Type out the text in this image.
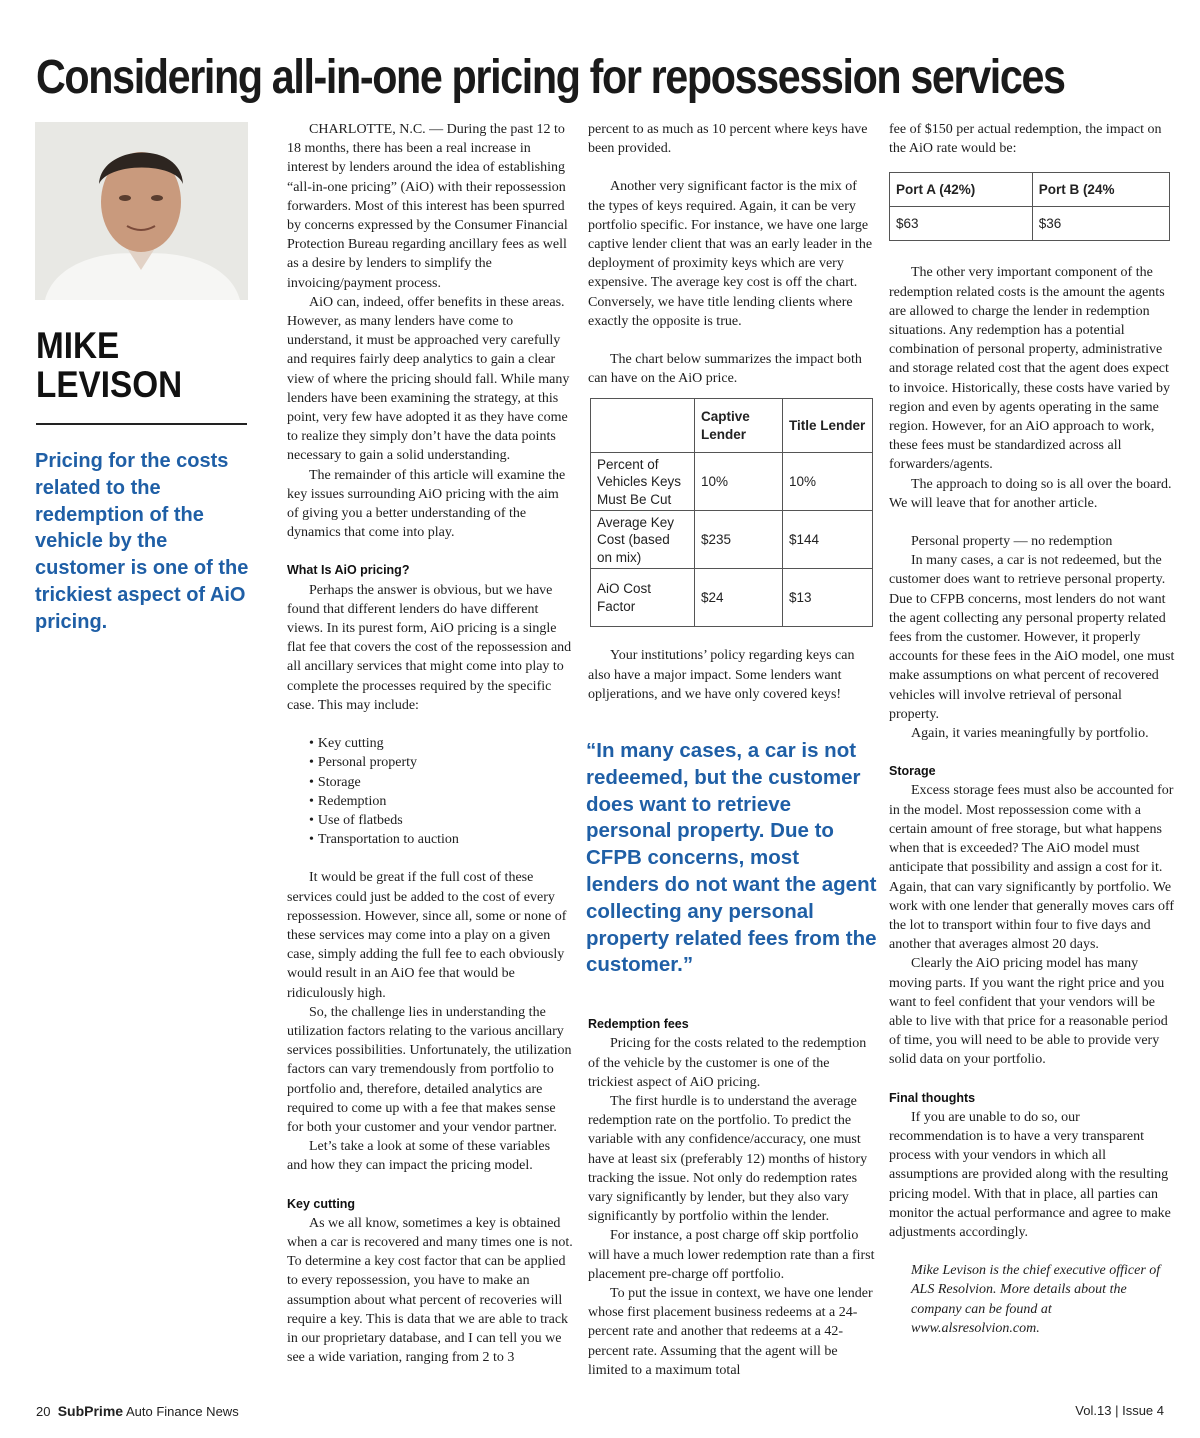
Considering all-in-one pricing for repossession services
MIKE
LEVISON

Pricing for the costs related to the redemption of the vehicle by the customer is one of the trickiest aspect of AiO pricing.

CHARLOTTE, N.C. — During the past 12 to 18 months, there has been a real increase in interest by lenders around the idea of establishing “all-in-one pricing” (AiO) with their repossession forwarders. Most of this interest has been spurred by concerns expressed by the Consumer Financial Protection Bureau regarding ancillary fees as well as a desire by lenders to simplify the invoicing/payment process.

AiO can, indeed, offer benefits in these areas. However, as many lenders have come to understand, it must be approached very carefully and requires fairly deep analytics to gain a clear view of where the pricing should fall. While many lenders have been examining the strategy, at this point, very few have adopted it as they have come to realize they simply don’t have the data points necessary to gain a solid understanding.

The remainder of this article will examine the key issues surrounding AiO pricing with the aim of giving you a better understanding of the dynamics that come into play.

What Is AiO pricing?

Perhaps the answer is obvious, but we have found that different lenders do have different views. In its purest form, AiO pricing is a single flat fee that covers the cost of the repossession and all ancillary services that might come into play to complete the processes required by the specific case. This may include:

• Key cutting
• Personal property
• Storage
• Redemption
• Use of flatbeds
• Transportation to auction

It would be great if the full cost of these services could just be added to the cost of every repossession. However, since all, some or none of these services may come into a play on a given case, simply adding the full fee to each obviously would result in an AiO fee that would be ridiculously high.

So, the challenge lies in understanding the utilization factors relating to the various ancillary services possibilities. Unfortunately, the utilization factors can vary tremendously from portfolio to portfolio and, therefore, detailed analytics are required to come up with a fee that makes sense for both your customer and your vendor partner.

Let’s take a look at some of these variables and how they can impact the pricing model.

Key cutting

As we all know, sometimes a key is obtained when a car is recovered and many times one is not. To determine a key cost factor that can be applied to every repossession, you have to make an assumption about what percent of recoveries will require a key. This is data that we are able to track in our proprietary database, and I can tell you we see a wide variation, ranging from 2 to 3

percent to as much as 10 percent where keys have been provided.

Another very significant factor is the mix of the types of keys required. Again, it can be very portfolio specific. For instance, we have one large captive lender client that was an early leader in the deployment of proximity keys which are very expensive. The average key cost is off the chart. Conversely, we have title lending clients where exactly the opposite is true.

The chart below summarizes the impact both can have on the AiO price.

	Captive Lender	Title Lender
Percent of Vehicles Keys Must Be Cut	10%	10%
Average Key Cost (based on mix)	$235	$144
AiO Cost Factor	$24	$13

Your institutions’ policy regarding keys can also have a major impact. Some lenders want opljerations, and we have only covered keys!

“In many cases, a car is not redeemed, but the customer does want to retrieve personal property. Due to CFPB concerns, most lenders do not want the agent collecting any personal property related fees from the customer.”

Redemption fees

Pricing for the costs related to the redemption of the vehicle by the customer is one of the trickiest aspect of AiO pricing.

The first hurdle is to understand the average redemption rate on the portfolio. To predict the variable with any confidence/accuracy, one must have at least six (preferably 12) months of history tracking the issue. Not only do redemption rates vary significantly by lender, but they also vary significantly by portfolio within the lender.

For instance, a post charge off skip portfolio will have a much lower redemption rate than a first placement pre-charge off portfolio.

To put the issue in context, we have one lender whose first placement business redeems at a 24-percent rate and another that redeems at a 42-percent rate. Assuming that the agent will be limited to a maximum total

fee of $150 per actual redemption, the impact on the AiO rate would be:

Port A (42%)	Port B (24%
$63	$36

The other very important component of the redemption related costs is the amount the agents are allowed to charge the lender in redemption situations. Any redemption has a potential combination of personal property, administrative and storage related cost that the agent does expect to invoice. Historically, these costs have varied by region and even by agents operating in the same region. However, for an AiO approach to work, these fees must be standardized across all forwarders/agents.

The approach to doing so is all over the board. We will leave that for another article.

Personal property — no redemption

In many cases, a car is not redeemed, but the customer does want to retrieve personal property. Due to CFPB concerns, most lenders do not want the agent collecting any personal property related fees from the customer. However, it properly accounts for these fees in the AiO model, one must make assumptions on what percent of recovered vehicles will involve retrieval of personal property.

Again, it varies meaningfully by portfolio.

Storage

Excess storage fees must also be accounted for in the model. Most repossession come with a certain amount of free storage, but what happens when that is exceeded? The AiO model must anticipate that possibility and assign a cost for it. Again, that can vary significantly by portfolio. We work with one lender that generally moves cars off the lot to transport within four to five days and another that averages almost 20 days.

Clearly the AiO pricing model has many moving parts. If you want the right price and you want to feel confident that your vendors will be able to live with that price for a reasonable period of time, you will need to be able to provide very solid data on your portfolio.

Final thoughts

If you are unable to do so, our recommendation is to have a very transparent process with your vendors in which all assumptions are provided along with the resulting pricing model. With that in place, all parties can monitor the actual performance and agree to make adjustments accordingly.

Mike Levison is the chief executive officer of ALS Resolvion. More details about the company can be found at www.alsresolvion.com.

20 SubPrime Auto Finance News	Vol.13 | Issue 4
